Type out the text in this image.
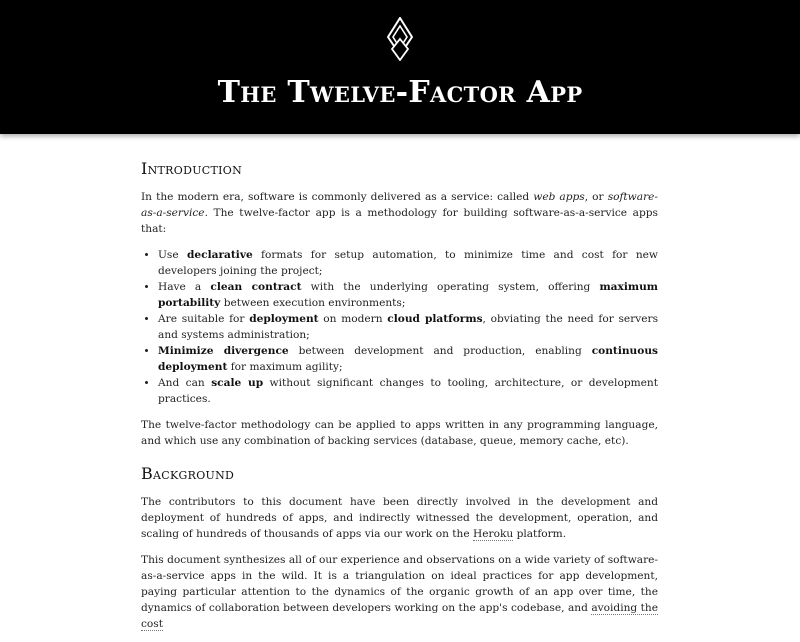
The Twelve-Factor App
Introduction

In the modern era, software is commonly delivered as a service: called web apps, or software-as-a-service. The twelve-factor app is a methodology for building software-as-a-service apps that:

• Use declarative formats for setup automation, to minimize time and cost for new developers joining the project;
• Have a clean contract with the underlying operating system, offering maximum portability between execution environments;
• Are suitable for deployment on modern cloud platforms, obviating the need for servers and systems administration;
• Minimize divergence between development and production, enabling continuous deployment for maximum agility;
• And can scale up without significant changes to tooling, architecture, or development practices.

The twelve-factor methodology can be applied to apps written in any programming language, and which use any combination of backing services (database, queue, memory cache, etc).

Background

The contributors to this document have been directly involved in the development and deployment of hundreds of apps, and indirectly witnessed the development, operation, and scaling of hundreds of thousands of apps via our work on the Heroku platform.

This document synthesizes all of our experience and observations on a wide variety of software-as-a-service apps in the wild. It is a triangulation on ideal practices for app development, paying particular attention to the dynamics of the organic growth of an app over time, the dynamics of collaboration between developers working on the app's codebase, and avoiding the cost
